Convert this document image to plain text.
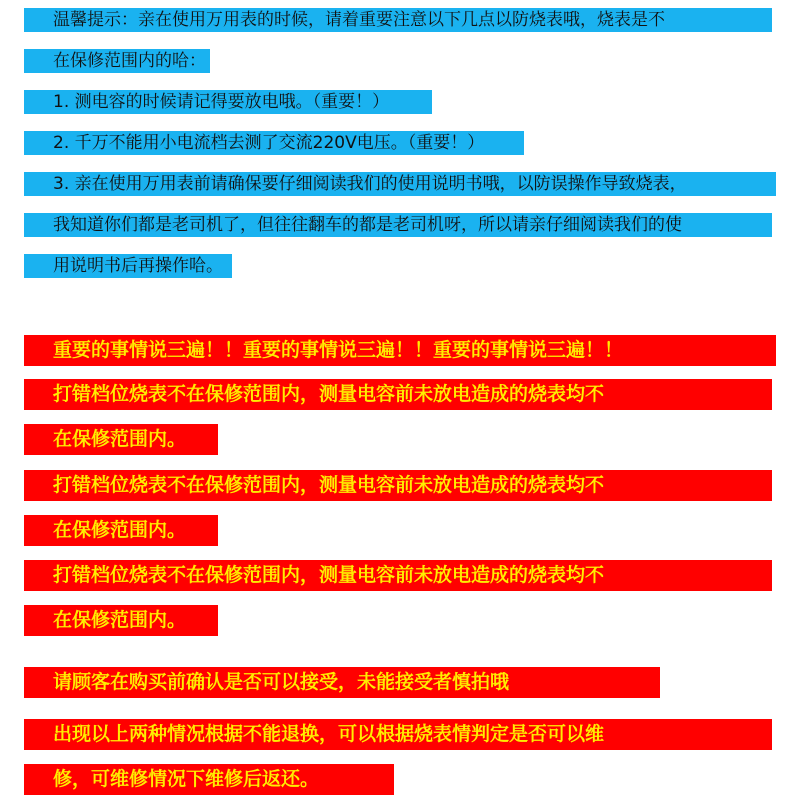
温馨提示：亲在使用万用表的时候，请着重要注意以下几点以防烧表哦，烧表是不
在保修范围内的哈：
1. 测电容的时候请记得要放电哦。（重要！）
2. 千万不能用小电流档去测了交流220V电压。（重要！）
3. 亲在使用万用表前请确保要仔细阅读我们的使用说明书哦，以防误操作导致烧表，
我知道你们都是老司机了，但往往翻车的都是老司机呀，所以请亲仔细阅读我们的使
用说明书后再操作哈。
重要的事情说三遍！！重要的事情说三遍！！重要的事情说三遍！！
打错档位烧表不在保修范围内，测量电容前未放电造成的烧表均不
在保修范围内。
打错档位烧表不在保修范围内，测量电容前未放电造成的烧表均不
在保修范围内。
打错档位烧表不在保修范围内，测量电容前未放电造成的烧表均不
在保修范围内。
请顾客在购买前确认是否可以接受，未能接受者慎拍哦
出现以上两种情况根据不能退换，可以根据烧表情判定是否可以维
修，可维修情况下维修后返还。
